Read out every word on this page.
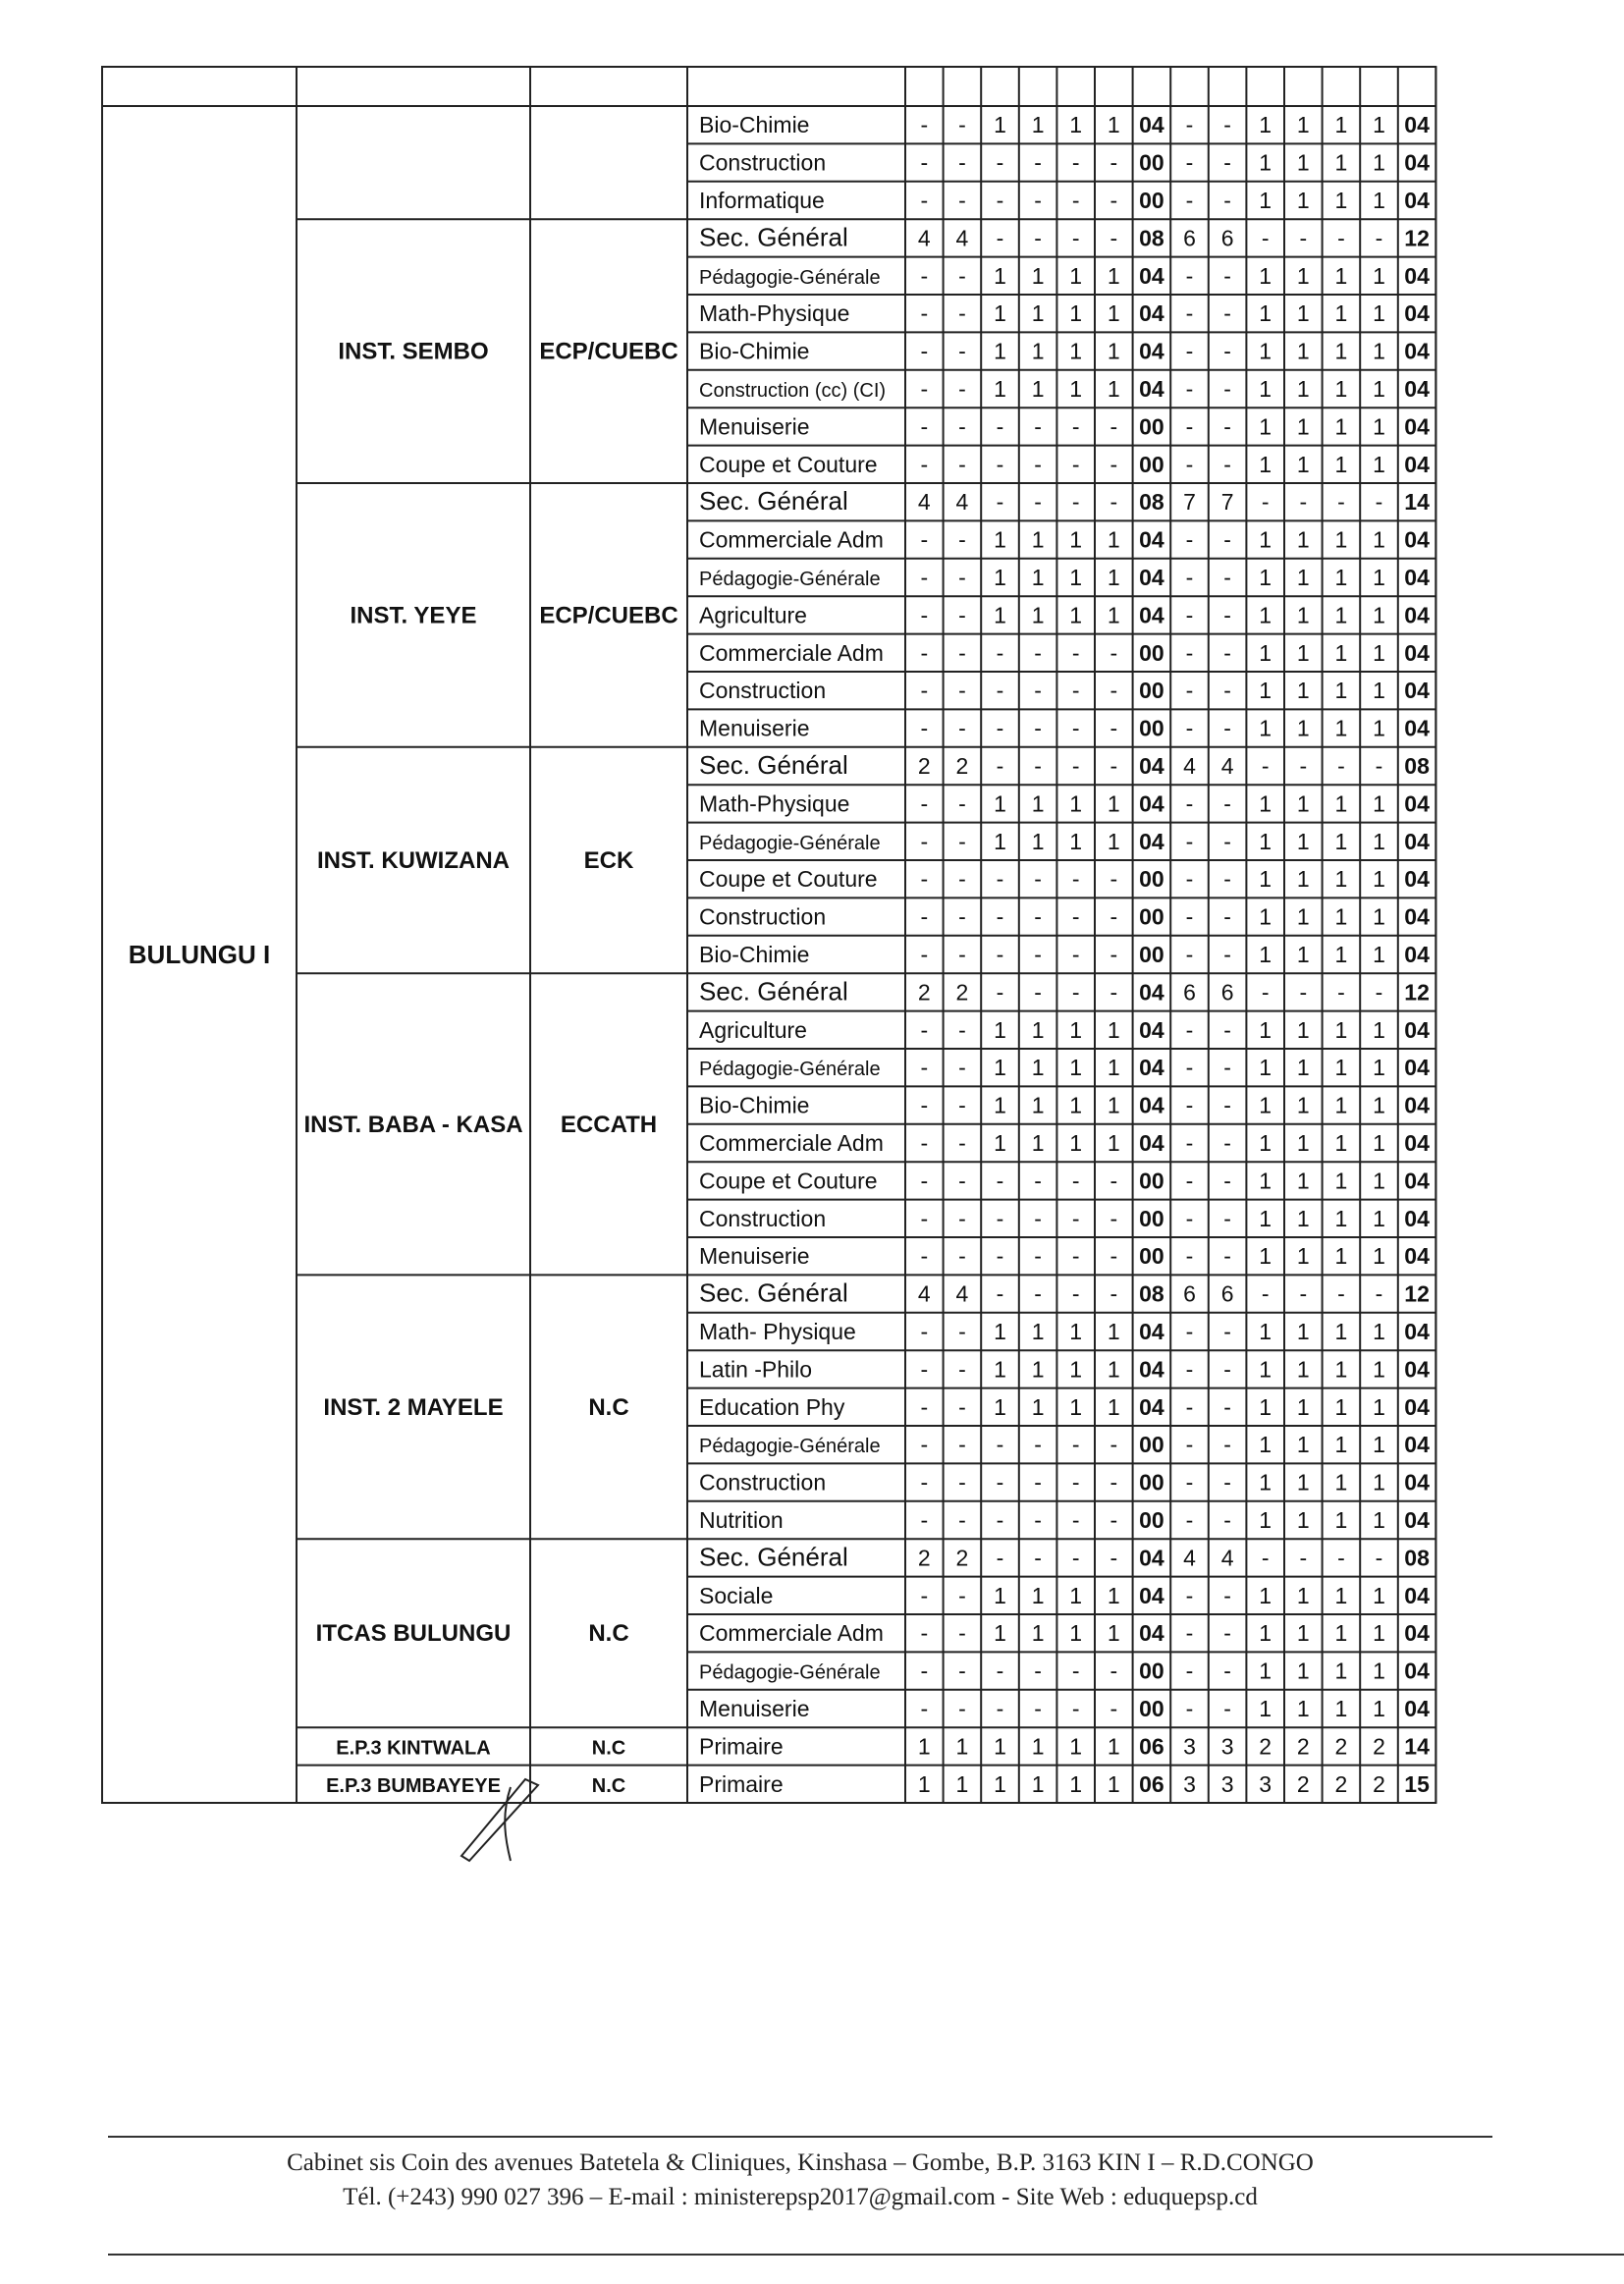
BULUNGU I
Bio-Chimie	- - 1 1 1 1 04 - - 1 1 1 1 04
Construction	- - - - - - 00 - - 1 1 1 1 04
Informatique	- - - - - - 00 - - 1 1 1 1 04
INST. SEMBO ECP/CUEBC
Sec. Général	4 4 - - - - 08 6 6 - - - - 12
Pédagogie-Générale - - 1 1 1 1 04 - - 1 1 1 1 04
Math-Physique	- - 1 1 1 1 04 - - 1 1 1 1 04
Bio-Chimie	- - 1 1 1 1 04 - - 1 1 1 1 04
Construction (cc) (CI) - - 1 1 1 1 04 - - 1 1 1 1 04
Menuiserie	- - - - - - 00 - - 1 1 1 1 04
Coupe et Couture - - - - - - 00 - - 1 1 1 1 04
INST. YEYE	ECP/CUEBC
Sec. Général	4 4 - - - - 08 7 7 - - - - 14
Commerciale Adm - - 1 1 1 1 04 - - 1 1 1 1 04
Pédagogie-Générale - - 1 1 1 1 04 - - 1 1 1 1 04
Agriculture	- - 1 1 1 1 04 - - 1 1 1 1 04
Commerciale Adm - - - - - - 00 - - 1 1 1 1 04
Construction	- - - - - - 00 - - 1 1 1 1 04
Menuiserie	- - - - - - 00 - - 1 1 1 1 04
INST. KUWIZANA	ECK
Sec. Général	2 2 - - - - 04 4 4 - - - - 08
Math-Physique	- - 1 1 1 1 04 - - 1 1 1 1 04
Pédagogie-Générale - - 1 1 1 1 04 - - 1 1 1 1 04
Coupe et Couture - - - - - - 00 - - 1 1 1 1 04
Construction	- - - - - - 00 - - 1 1 1 1 04
Bio-Chimie	- - - - - - 00 - - 1 1 1 1 04
INST. BABA - KASA ECCATH
Sec. Général	2 2 - - - - 04 6 6 - - - - 12
Agriculture	- - 1 1 1 1 04 - - 1 1 1 1 04
Pédagogie-Générale - - 1 1 1 1 04 - - 1 1 1 1 04
Bio-Chimie	- - 1 1 1 1 04 - - 1 1 1 1 04
Commerciale Adm - - 1 1 1 1 04 - - 1 1 1 1 04
Coupe et Couture - - - - - - 00 - - 1 1 1 1 04
Construction	- - - - - - 00 - - 1 1 1 1 04
Menuiserie	- - - - - - 00 - - 1 1 1 1 04
INST. 2 MAYELE	N.C
Sec. Général	4 4 - - - - 08 6 6 - - - - 12
Math- Physique	- - 1 1 1 1 04 - - 1 1 1 1 04
Latin -Philo	- - 1 1 1 1 04 - - 1 1 1 1 04
Education Phy	- - 1 1 1 1 04 - - 1 1 1 1 04
Pédagogie-Générale - - - - - - 00 - - 1 1 1 1 04
Construction	- - - - - - 00 - - 1 1 1 1 04
Nutrition	- - - - - - 00 - - 1 1 1 1 04
ITCAS BULUNGU	N.C
Sec. Général	2 2 - - - - 04 4 4 - - - - 08
Sociale	- - 1 1 1 1 04 - - 1 1 1 1 04
Commerciale Adm - - 1 1 1 1 04 - - 1 1 1 1 04
Pédagogie-Générale - - - - - - 00 - - 1 1 1 1 04
Menuiserie	- - - - - - 00 - - 1 1 1 1 04
E.P.3 KINTWALA	N.C	Primaire	1 1 1 1 1 1 06 3 3 2 2 2 2 14
E.P.3 BUMBAYEYE	N.C	Primaire	1 1 1 1 1 1 06 3 3 3 2 2 2 15
Cabinet sis Coin des avenues Batetela & Cliniques, Kinshasa – Gombe, B.P. 3163 KIN I – R.D.CONGO
Tél. (+243) 990 027 396 – E-mail : ministerepsp2017@gmail.com - Site Web : eduquepsp.cd
